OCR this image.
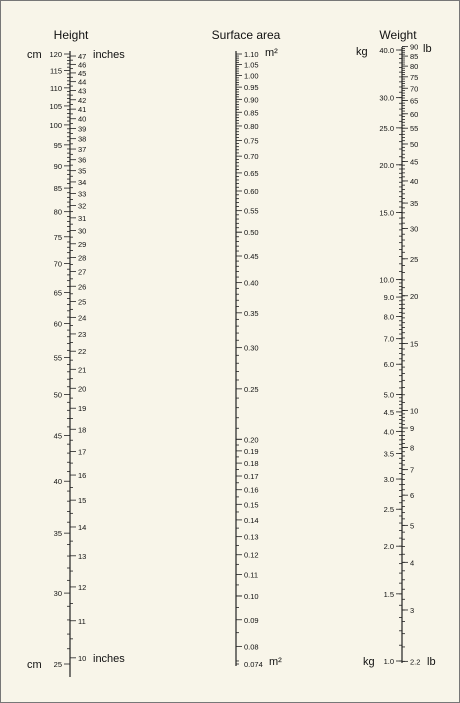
Height	Surface area	Weight
cm
cm
inches
inches
m²
m²
kg
kg
lb
lb
120
115
110
105
100
95
90
85
80
75
70
65
60
55
50
45
40
35
30
25
47
46
45
44
43
42
41
40
39
38
37
36
35
34
33
32
31
30
29
28
27
26
25
24
23
22
21
20
19
18
17
16
15
14
13
12
11
10
1.10
1.05
1.00
0.95
0.90
0.85
0.80
0.75
0.70
0.65
0.60
0.55
0.50
0.45
0.40
0.35
0.30
0.25
0.20
0.19
0.18
0.17
0.16
0.15
0.14
0.13
0.12
0.11
0.10
0.09
0.08
0.074
40.0
30.0
25.0
20.0
15.0
10.0
9.0
8.0
7.0
6.0
5.0
4.5
4.0
3.5
3.0
2.5
2.0
1.5
1.0
90
85
80
75
70
65
60
55
50
45
40
35
30
25
20
15
10
9
8
7
6
5
4
3
2.2
